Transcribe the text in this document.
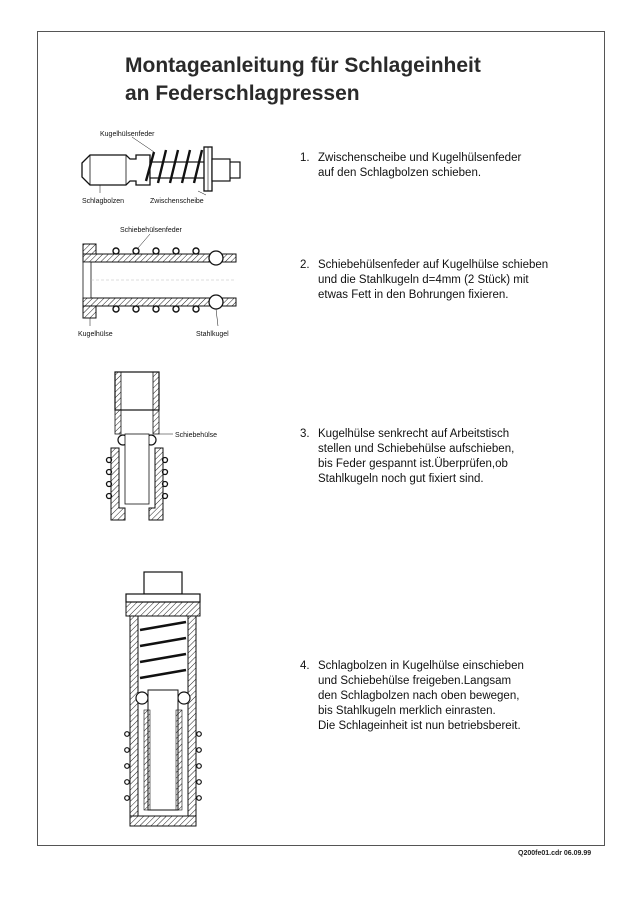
Montageanleitung für Schlageinheit
an Federschlagpressen
Kugelhülsenfeder
Schlagbolzen	Zwischenscheibe
Schiebehülsenfeder
Kugelhülse	Stahlkugel
Schiebehülse
1. Zwischenscheibe und Kugelhülsenfeder
auf den Schlagbolzen schieben.
2. Schiebehülsenfeder auf Kugelhülse schieben
und die Stahlkugeln d=4mm (2 Stück) mit
etwas Fett in den Bohrungen fixieren.
3. Kugelhülse senkrecht auf Arbeitstisch
stellen und Schiebehülse aufschieben,
bis Feder gespannt ist.Überprüfen,ob
Stahlkugeln noch gut fixiert sind.
4. Schlagbolzen in Kugelhülse einschieben
und Schiebehülse freigeben.Langsam
den Schlagbolzen nach oben bewegen,
bis Stahlkugeln merklich einrasten.
Die Schlageinheit ist nun betriebsbereit.
Q200fe01.cdr 06.09.99
